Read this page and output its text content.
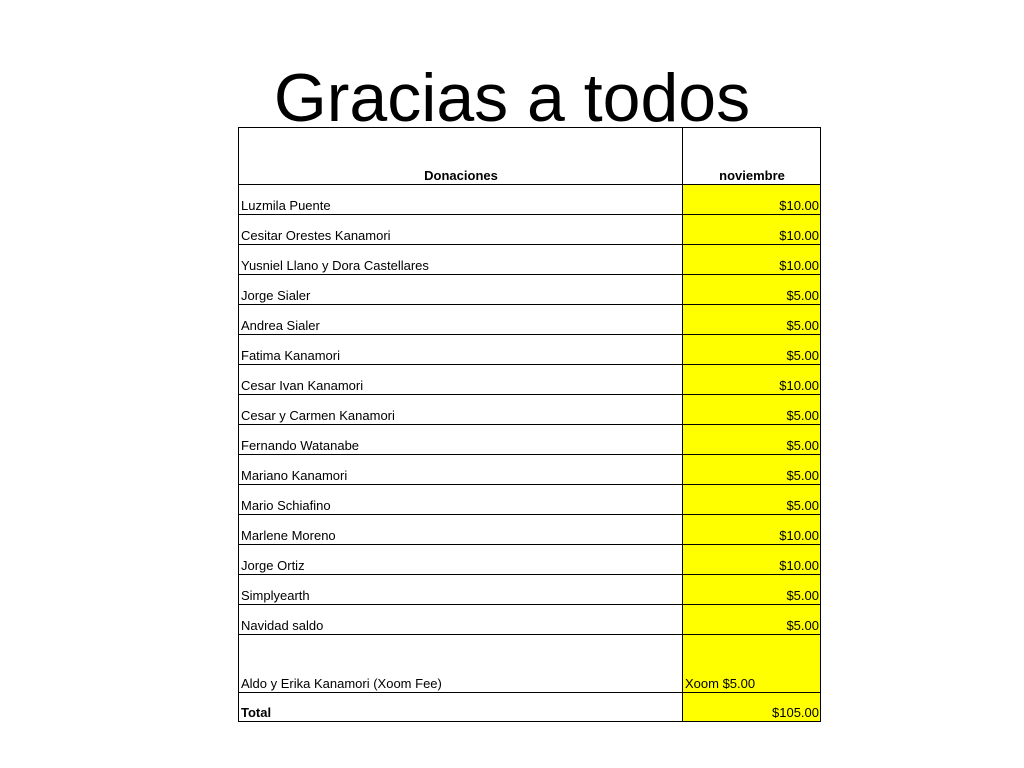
Gracias a todos
Donaciones	noviembre
Luzmila Puente	$10.00
Cesitar Orestes Kanamori	$10.00
Yusniel Llano y Dora Castellares	$10.00
Jorge Sialer	$5.00
Andrea Sialer	$5.00
Fatima Kanamori	$5.00
Cesar Ivan Kanamori	$10.00
Cesar y Carmen Kanamori	$5.00
Fernando Watanabe	$5.00
Mariano Kanamori	$5.00
Mario Schiafino	$5.00
Marlene Moreno	$10.00
Jorge Ortiz	$10.00
Simplyearth	$5.00
Navidad saldo	$5.00
Aldo y Erika Kanamori (Xoom Fee)	Xoom $5.00
Total	$105.00
